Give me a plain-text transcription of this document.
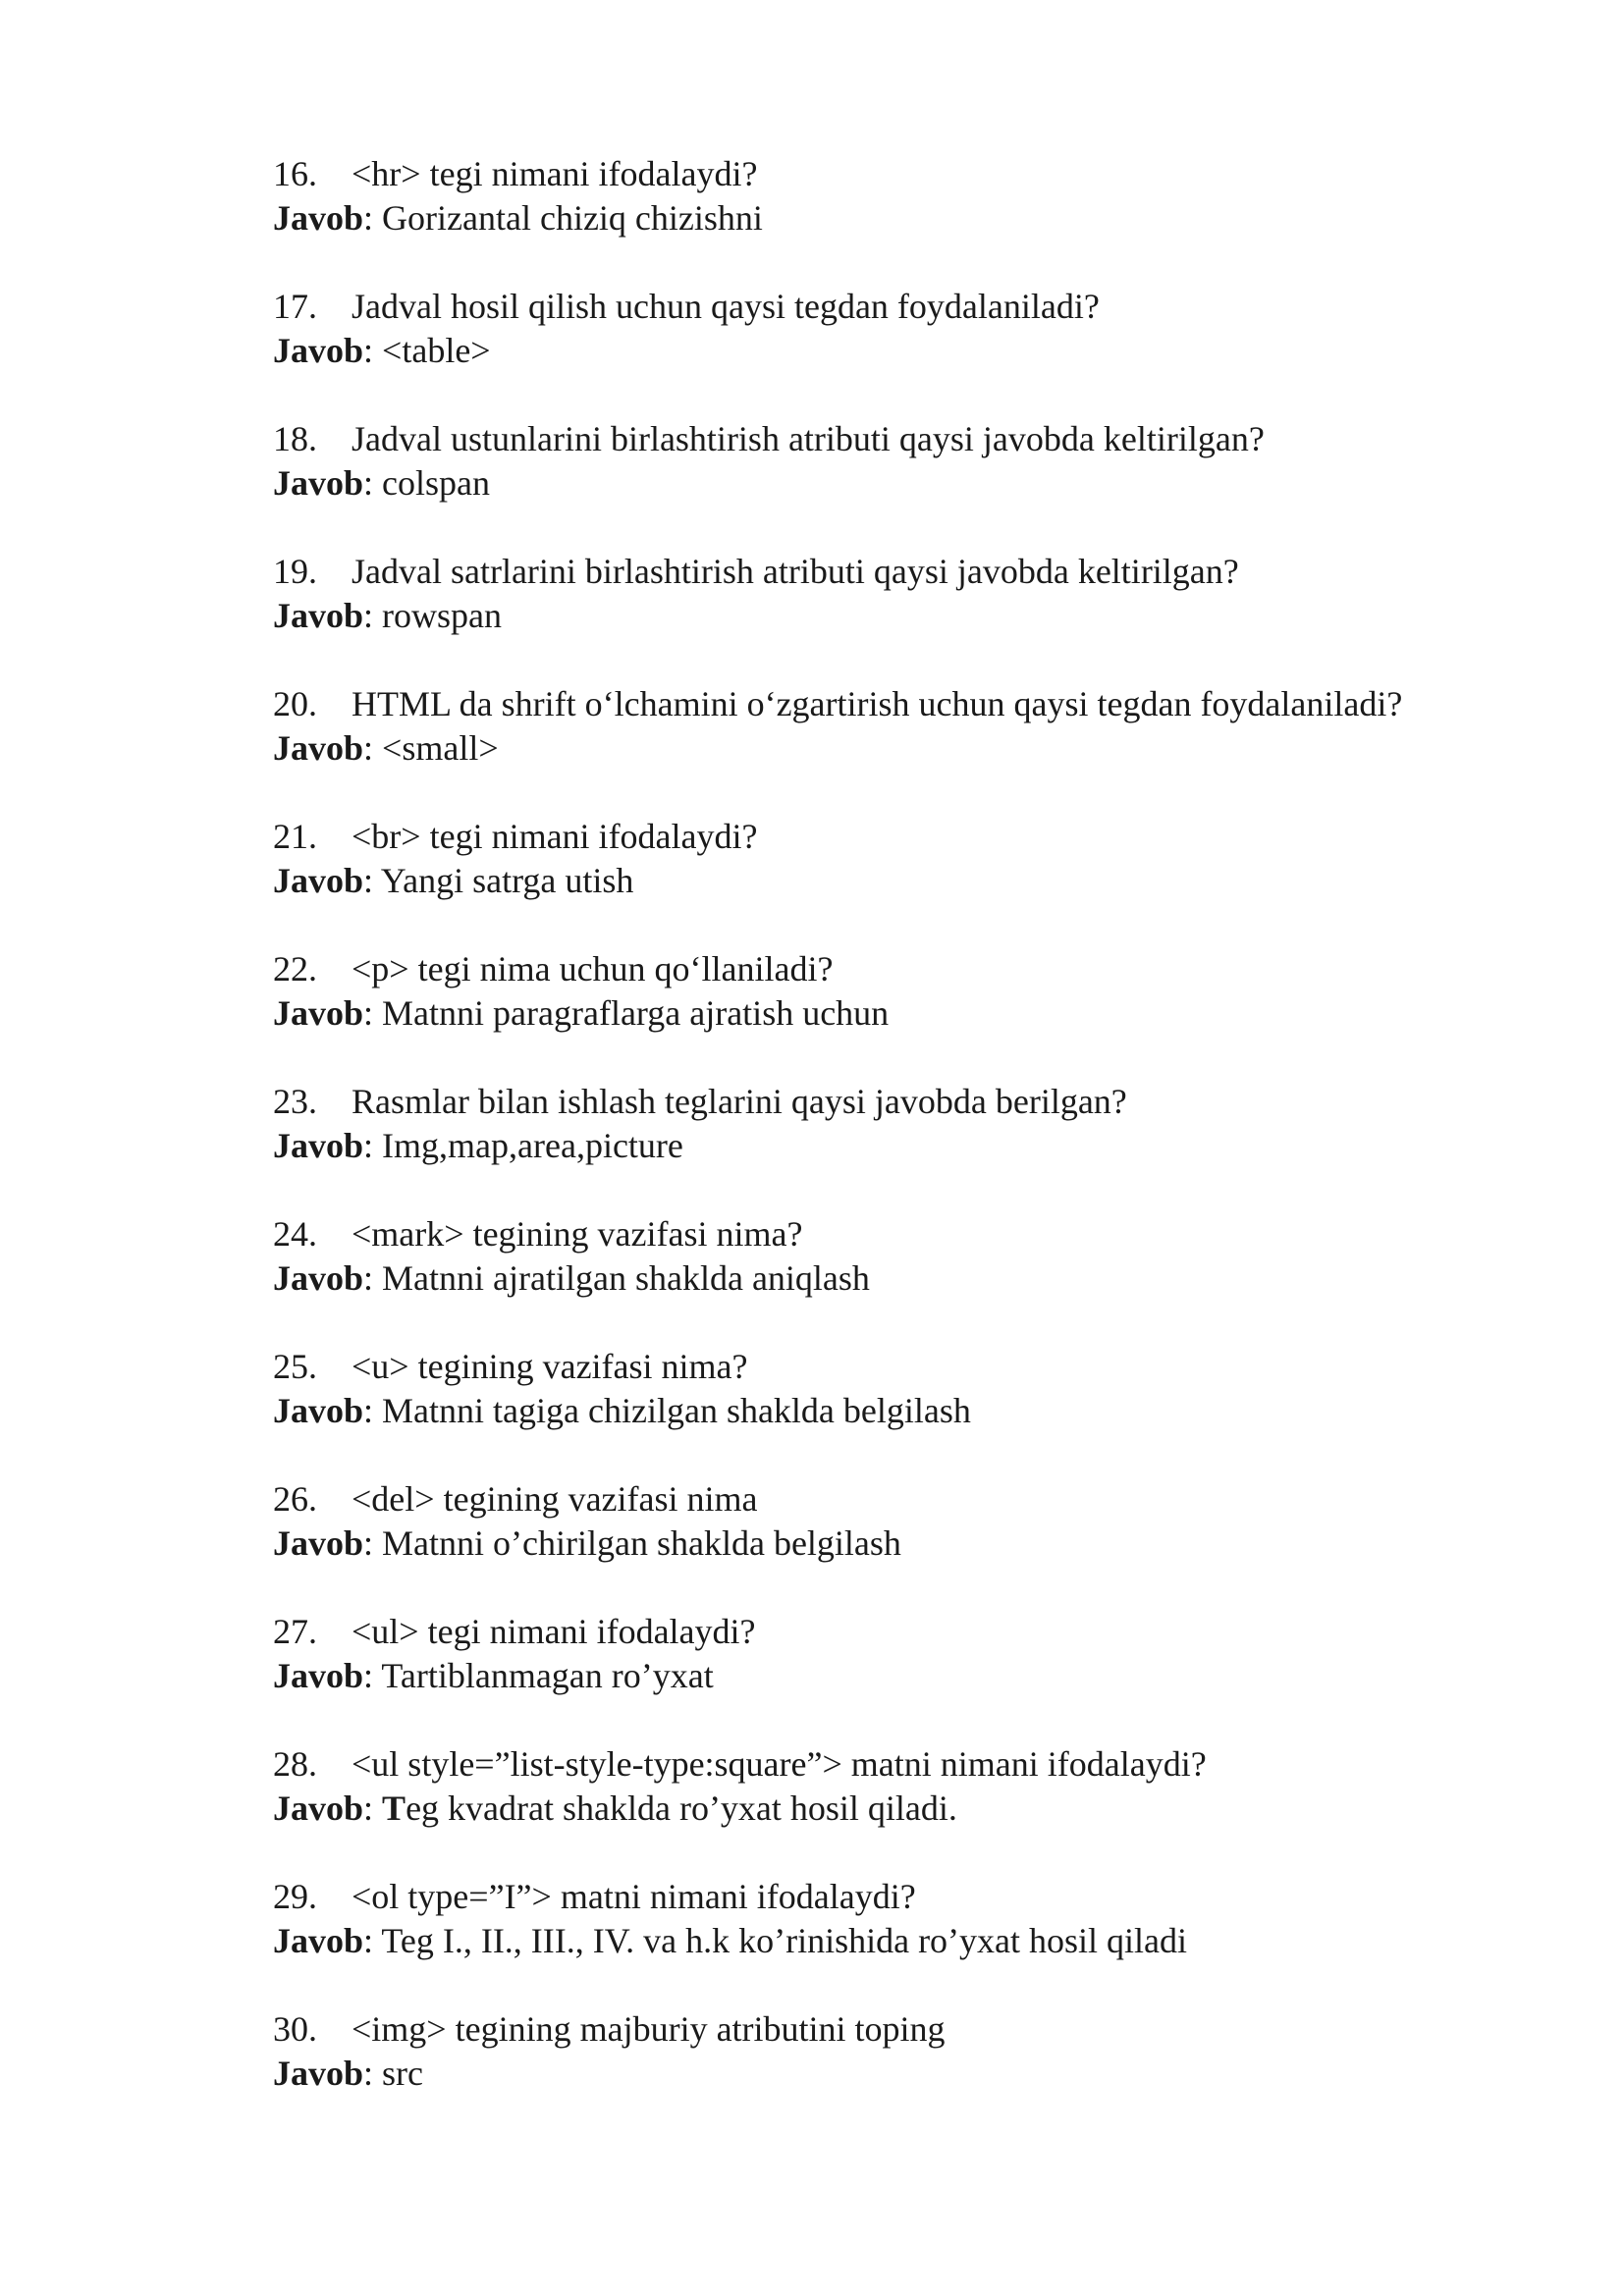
16. <hr> tegi nimani ifodalaydi?
Javob: Gorizantal chiziq chizishni
17. Jadval hosil qilish uchun qaysi tegdan foydalaniladi?
Javob: <table>
18. Jadval ustunlarini birlashtirish atributi qaysi javobda keltirilgan?
Javob: colspan
19. Jadval satrlarini birlashtirish atributi qaysi javobda keltirilgan?
Javob: rowspan
20. HTML da shrift o‘lchamini o‘zgartirish uchun qaysi tegdan foydalaniladi?
Javob: <small>
21. <br> tegi nimani ifodalaydi?
Javob: Yangi satrga utish
22. <p> tegi nima uchun qo‘llaniladi?
Javob: Matnni paragraflarga ajratish uchun
23. Rasmlar bilan ishlash teglarini qaysi javobda berilgan?
Javob: Img,map,area,picture
24. <mark> tegining vazifasi nima?
Javob: Matnni ajratilgan shaklda aniqlash
25. <u> tegining vazifasi nima?
Javob: Matnni tagiga chizilgan shaklda belgilash
26. <del> tegining vazifasi nima
Javob: Matnni o’chirilgan shaklda belgilash
27. <ul> tegi nimani ifodalaydi?
Javob: Tartiblanmagan ro’yxat
28. <ul style=”list-style-type:square”> matni nimani ifodalaydi?
Javob: Teg kvadrat shaklda ro’yxat hosil qiladi.
29. <ol type=”I”> matni nimani ifodalaydi?
Javob: Teg I., II., III., IV. va h.k ko’rinishida ro’yxat hosil qiladi
30. <img> tegining majburiy atributini toping
Javob: src
